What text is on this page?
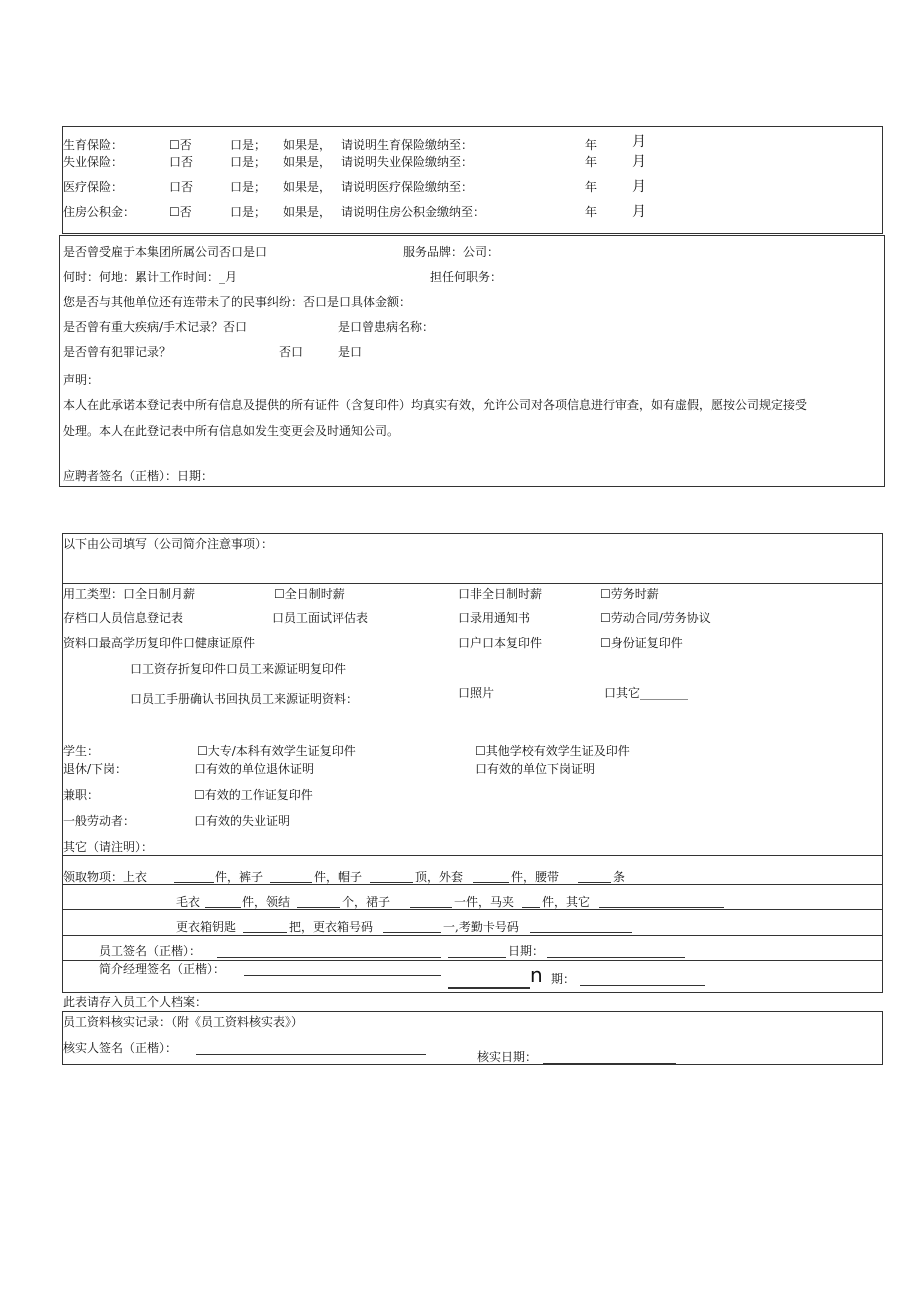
生育保险：	☐否	口是； 如果是， 请说明生育保险缴纳至：	年 月
失业保险：	口否	口是； 如果是， 请说明失业保险缴纳至：	年 月
医疗保险：	口否	口是； 如果是， 请说明医疗保险缴纳至：	年 月
住房公积金：	☐否	口是； 如果是， 请说明住房公积金缴纳至：	年 月
是否曾受雇于本集团所属公司否口是口	服务品牌：公司：
何时：何地：累计工作时间：_月	担任何职务：
您是否与其他单位还有连带未了的民事纠纷：否口是口具体金额：
是否曾有重大疾病/手术记录？否口	是口曾患病名称：
是否曾有犯罪记录？	否口	是口
声明：
本人在此承诺本登记表中所有信息及提供的所有证件（含复印件）均真实有效，允许公司对各项信息进行审查，如有虚假，愿按公司规定接受
处理。本人在此登记表中所有信息如发生变更会及时通知公司。
应聘者签名（正楷）：日期：
以下由公司填写（公司简介注意事项）：
用工类型：口全日制月薪	☐全日制时薪	口非全日制时薪	☐劳务时薪
存档口人员信息登记表	口员工面试评估表	口录用通知书	☐劳动合同/劳务协议
资料口最高学历复印件口健康证原件	口户口本复印件	☐身份证复印件
口工资存折复印件口员工来源证明复印件
口员工手册确认书回执员工来源证明资料：	口照片	口其它________
学生：	☐大专/本科有效学生证复印件	☐其他学校有效学生证及印件
退休/下岗：	口有效的单位退休证明	口有效的单位下岗证明
兼职：	☐有效的工作证复印件
一般劳动者：	口有效的失业证明
其它（请注明）：
领取物项：上衣	件，裤子	件，帽子	顶，外套	件，腰带	条
毛衣	件，领结	个，裙子	一件，马夹 件，其它
更衣箱钥匙	把，更衣箱号码	一,考勤卡号码
员工签名（正楷）：	日期：
简介经理签名（正楷）：	n 期：
此表请存入员工个人档案：
员工资料核实记录：（附《员工资料核实表》）
核实人签名（正楷）：
核实日期：
